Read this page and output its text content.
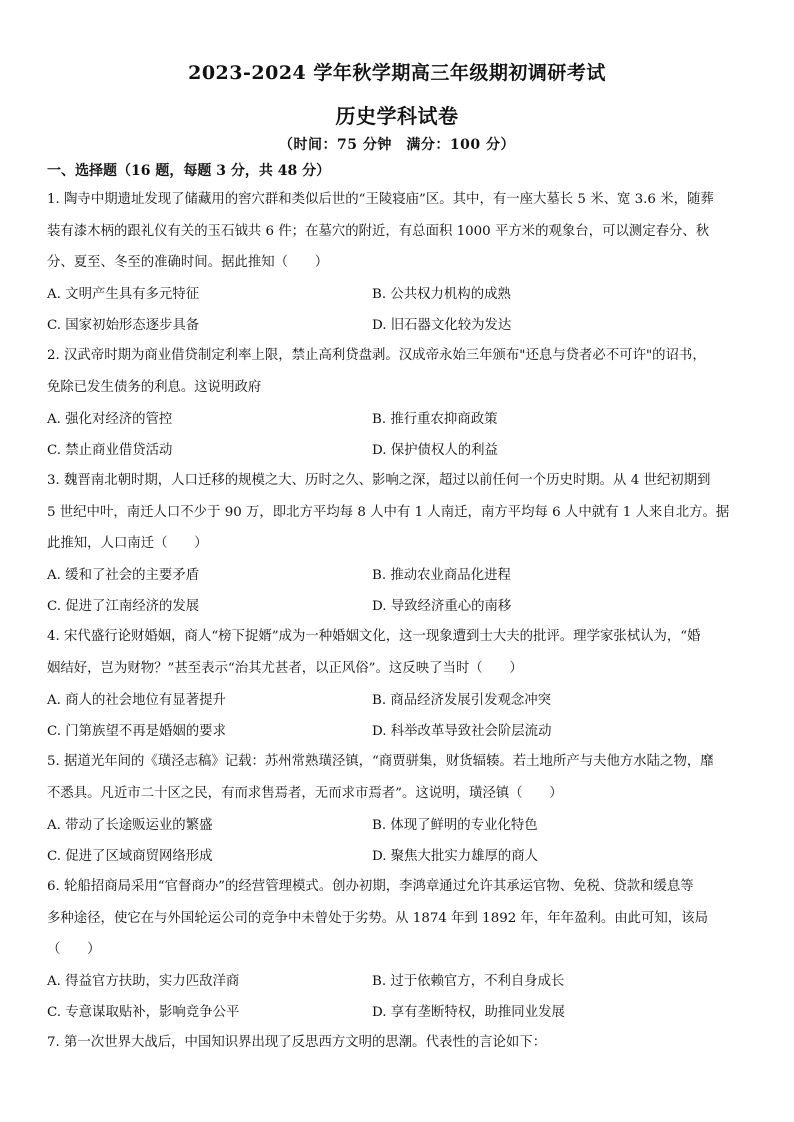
2023-2024 学年秋学期高三年级期初调研考试
历史学科试卷
（时间：75 分钟　满分：100 分）
一、选择题（16 题，每题 3 分，共 48 分）

1. 陶寺中期遗址发现了储藏用的窖穴群和类似后世的“王陵寝庙”区。其中，有一座大墓长 5 米、宽 3.6 米，随葬

装有漆木柄的跟礼仪有关的玉石钺共 6 件；在墓穴的附近，有总面积 1000 平方米的观象台，可以测定春分、秋

分、夏至、冬至的准确时间。据此推知（　　）

A. 文明产生具有多元特征	B. 公共权力机构的成熟
C. 国家初始形态逐步具备	D. 旧石器文化较为发达

2. 汉武帝时期为商业借贷制定利率上限，禁止高利贷盘剥。汉成帝永始三年颁布"还息与贷者必不可许"的诏书，

免除已发生债务的利息。这说明政府

A. 强化对经济的管控	B. 推行重农抑商政策
C. 禁止商业借贷活动	D. 保护债权人的利益

3. 魏晋南北朝时期，人口迁移的规模之大、历时之久、影响之深，超过以前任何一个历史时期。从 4 世纪初期到

5 世纪中叶，南迁人口不少于 90 万，即北方平均每 8 人中有 1 人南迁，南方平均每 6 人中就有 1 人来自北方。据

此推知，人口南迁（　　）

A. 缓和了社会的主要矛盾	B. 推动农业商品化进程
C. 促进了江南经济的发展	D. 导致经济重心的南移

4. 宋代盛行论财婚姻，商人“榜下捉婿”成为一种婚姻文化，这一现象遭到士大夫的批评。理学家张栻认为，“婚

姻结好，岂为财物？”甚至表示“治其尤甚者，以正风俗”。这反映了当时（　　）

A. 商人的社会地位有显著提升	B. 商品经济发展引发观念冲突
C. 门第族望不再是婚姻的要求	D. 科举改革导致社会阶层流动

5. 据道光年间的《璜泾志稿》记载：苏州常熟璜泾镇，“商贾骈集，财货辐辏。若土地所产与夫他方水陆之物，靡

不悉具。凡近市二十区之民，有而求售焉者，无而求市焉者”。这说明，璜泾镇（　　）

A. 带动了长途贩运业的繁盛	B. 体现了鲜明的专业化特色
C. 促进了区域商贸网络形成	D. 聚焦大批实力雄厚的商人

6. 轮船招商局采用“官督商办”的经营管理模式。创办初期，李鸿章通过允许其承运官物、免税、贷款和缓息等

多种途径，使它在与外国轮运公司的竞争中未曾处于劣势。从 1874 年到 1892 年，年年盈利。由此可知，该局

（　　）

A. 得益官方扶助，实力匹敌洋商	B. 过于依赖官方，不利自身成长
C. 专意谋取贴补，影响竞争公平	D. 享有垄断特权，助推同业发展

7. 第一次世界大战后，中国知识界出现了反思西方文明的思潮。代表性的言论如下：
